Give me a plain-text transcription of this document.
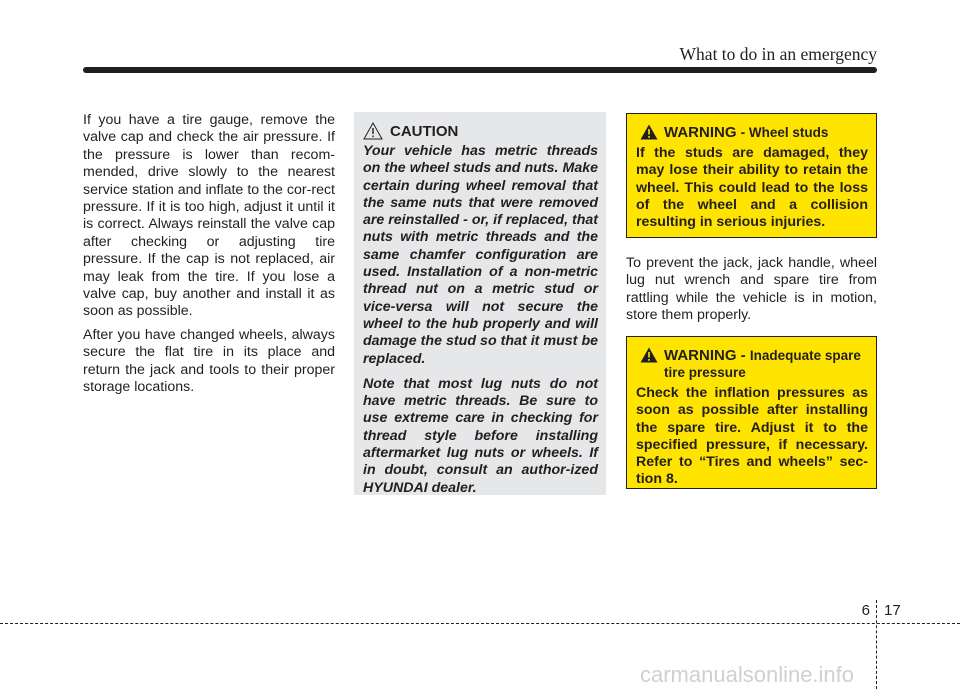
What to do in an emergency

If you have a tire gauge, remove the valve cap and check the air pressure. If the pressure is lower than recom-mended, drive slowly to the nearest service station and inflate to the cor-rect pressure. If it is too high, adjust it until it is correct. Always reinstall the valve cap after checking or adjusting tire pressure. If the cap is not replaced, air may leak from the tire. If you lose a valve cap, buy another and install it as soon as possible.

After you have changed wheels, always secure the flat tire in its place and return the jack and tools to their proper storage locations.

CAUTION

Your vehicle has metric threads on the wheel studs and nuts. Make certain during wheel removal that the same nuts that were removed are reinstalled - or, if replaced, that nuts with metric threads and the same chamfer configuration are used. Installation of a non-metric thread nut on a metric stud or vice-versa will not secure the wheel to the hub properly and will damage the stud so that it must be replaced.

Note that most lug nuts do not have metric threads. Be sure to use extreme care in checking for thread style before installing aftermarket lug nuts or wheels. If in doubt, consult an author-ized HYUNDAI dealer.

WARNING - Wheel studs

If the studs are damaged, they may lose their ability to retain the wheel. This could lead to the loss of the wheel and a collision resulting in serious injuries.

To prevent the jack, jack handle, wheel lug nut wrench and spare tire from rattling while the vehicle is in motion, store them properly.

WARNING - Inadequate spare tire pressure

Check the inflation pressures as soon as possible after installing the spare tire. Adjust it to the specified pressure, if necessary. Refer to “Tires and wheels” sec-tion 8.

6 17
carmanualsonline.info
